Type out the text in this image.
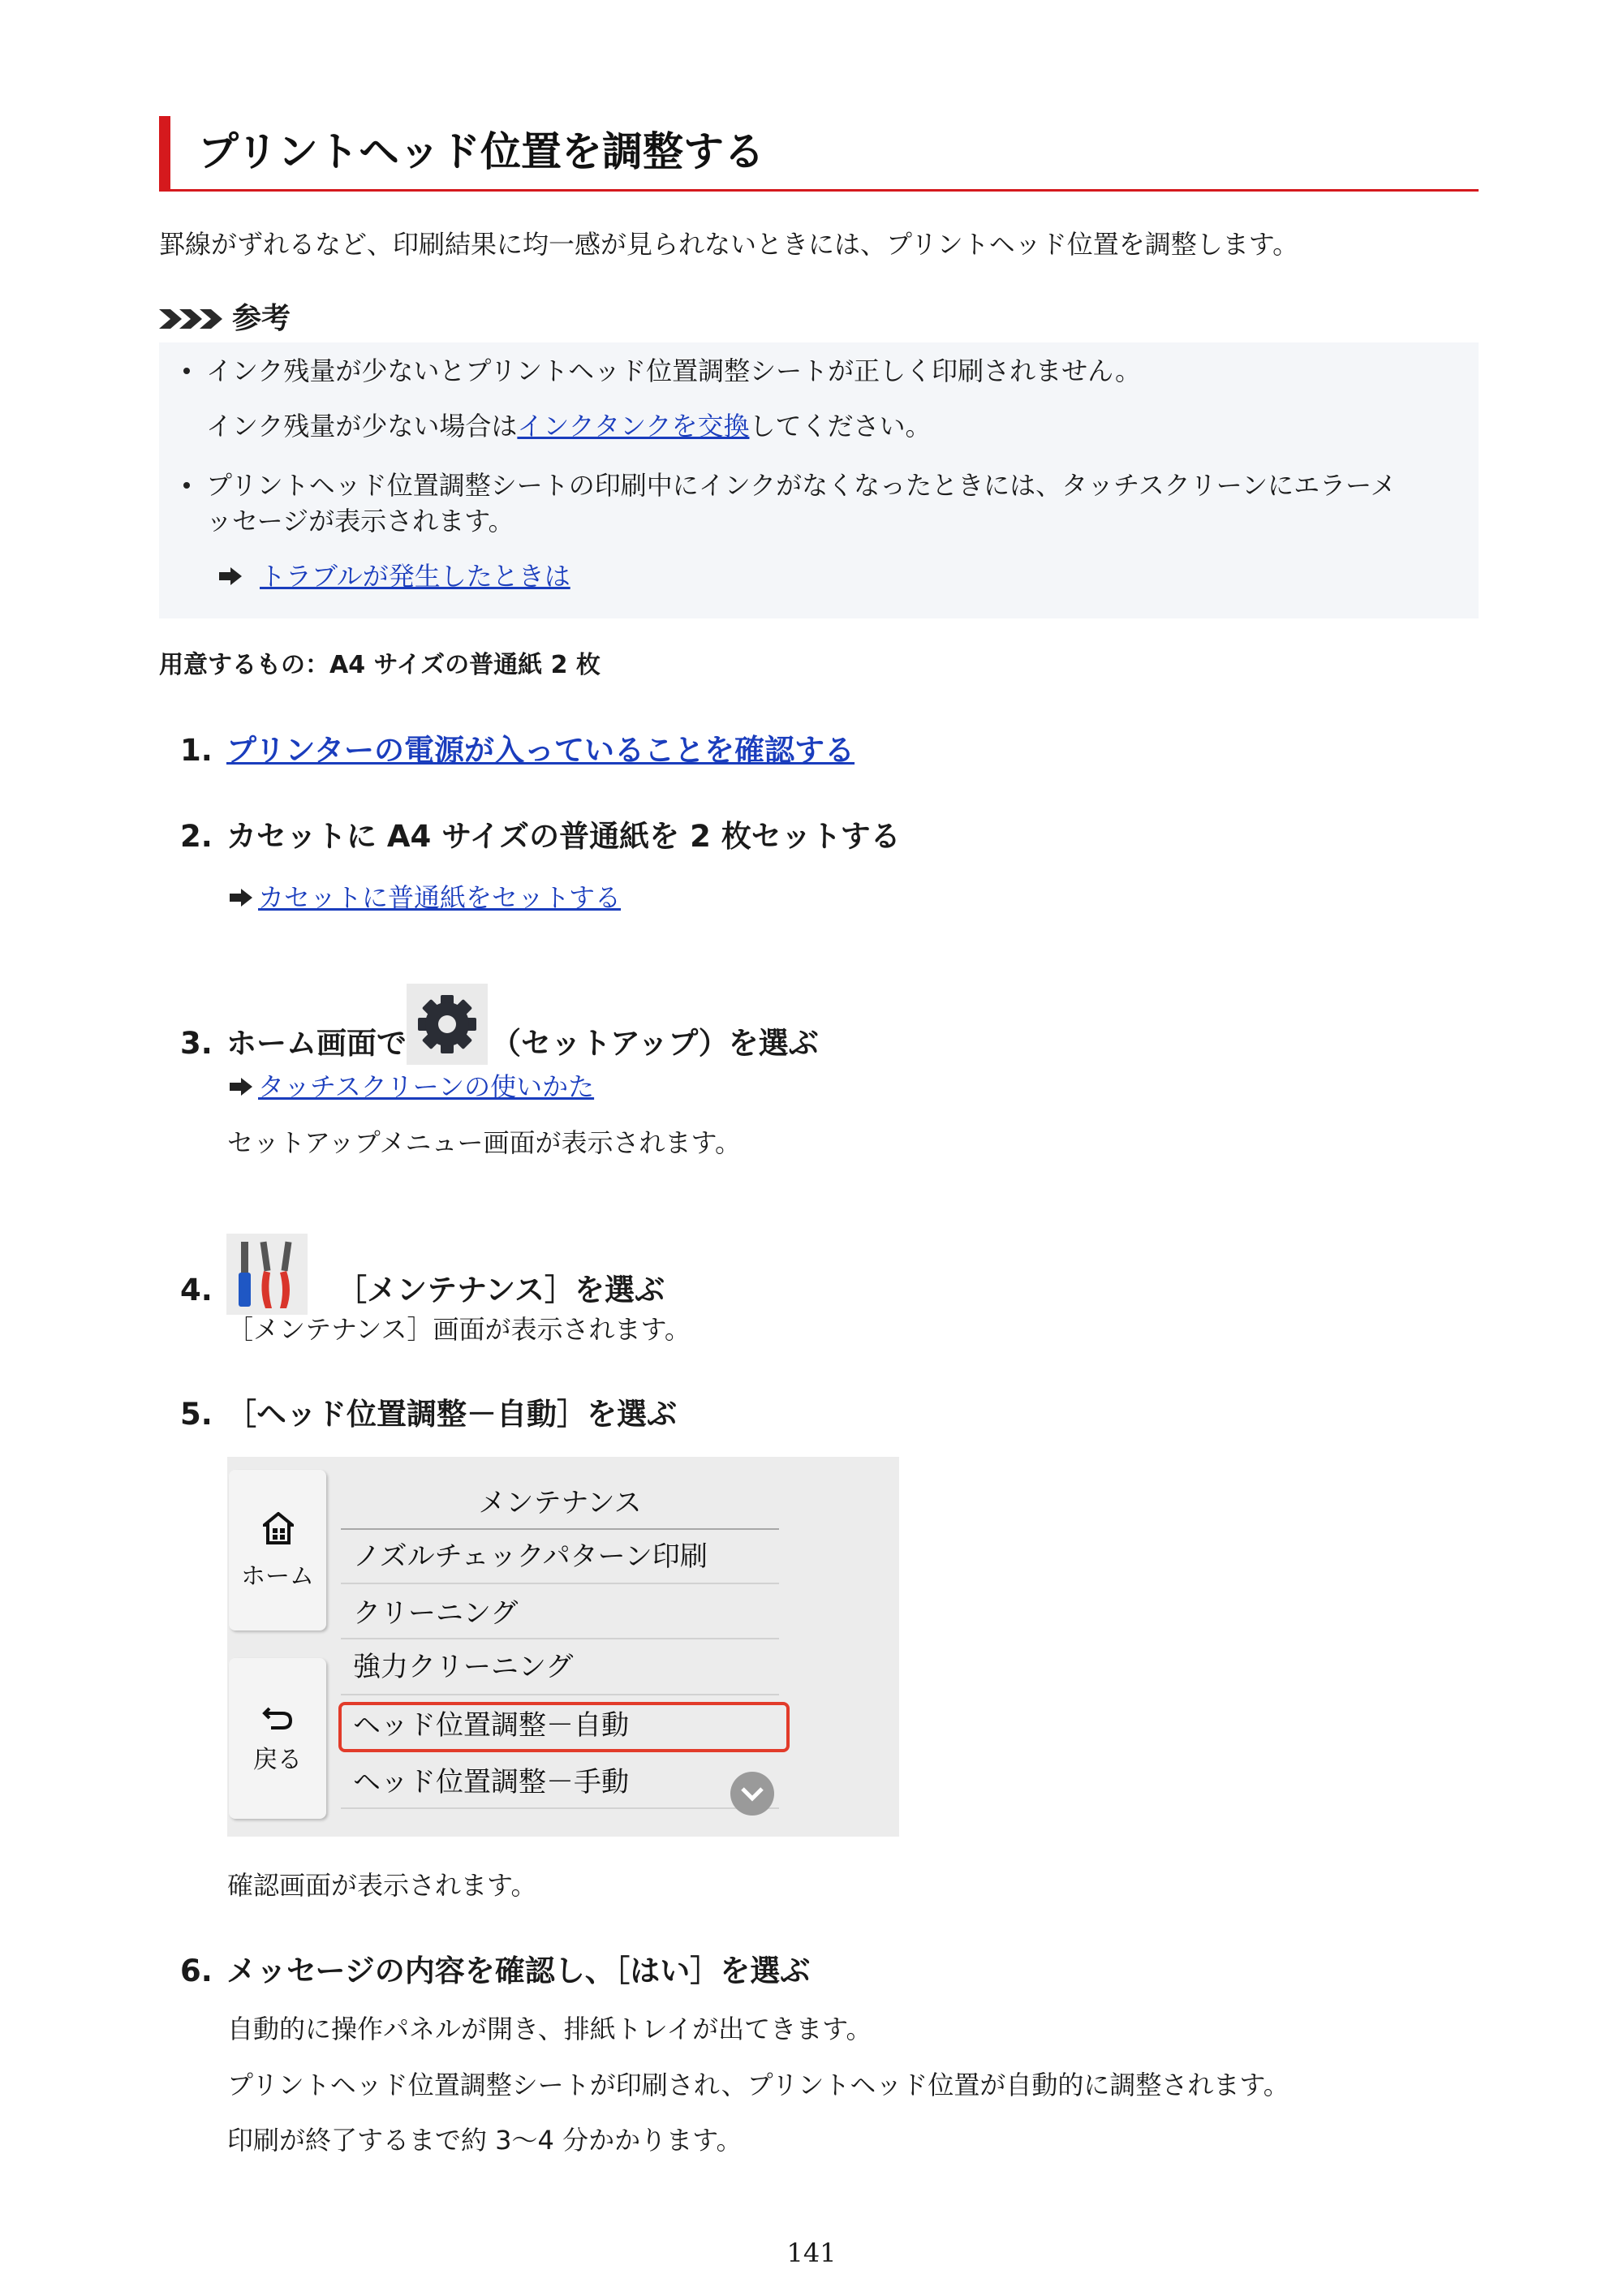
プリントヘッド位置を調整する
罫線がずれるなど、印刷結果に均一感が見られないときには、プリントヘッド位置を調整します。
参考
インク残量が少ないとプリントヘッド位置調整シートが正しく印刷されません。
インク残量が少ない場合はインクタンクを交換してください。
プリントヘッド位置調整シートの印刷中にインクがなくなったときには、タッチスクリーンにエラーメ
ッセージが表示されます。
トラブルが発生したときは
用意するもの：A4 サイズの普通紙 2 枚
1. プリンターの電源が入っていることを確認する
2. カセットに A4 サイズの普通紙を 2 枚セットする
カセットに普通紙をセットする
3. ホーム画面で	（セットアップ）を選ぶ
タッチスクリーンの使いかた
セットアップメニュー画面が表示されます。
4.	［メンテナンス］を選ぶ
［メンテナンス］画面が表示されます。
5. ［ヘッド位置調整－自動］を選ぶ
ホーム
戻る
メンテナンス
ノズルチェックパターン印刷
クリーニング
強力クリーニング
ヘッド位置調整－自動
ヘッド位置調整－手動
確認画面が表示されます。
6. メッセージの内容を確認し、［はい］を選ぶ
自動的に操作パネルが開き、排紙トレイが出てきます。
プリントヘッド位置調整シートが印刷され、プリントヘッド位置が自動的に調整されます。
印刷が終了するまで約 3～4 分かかります。
141
